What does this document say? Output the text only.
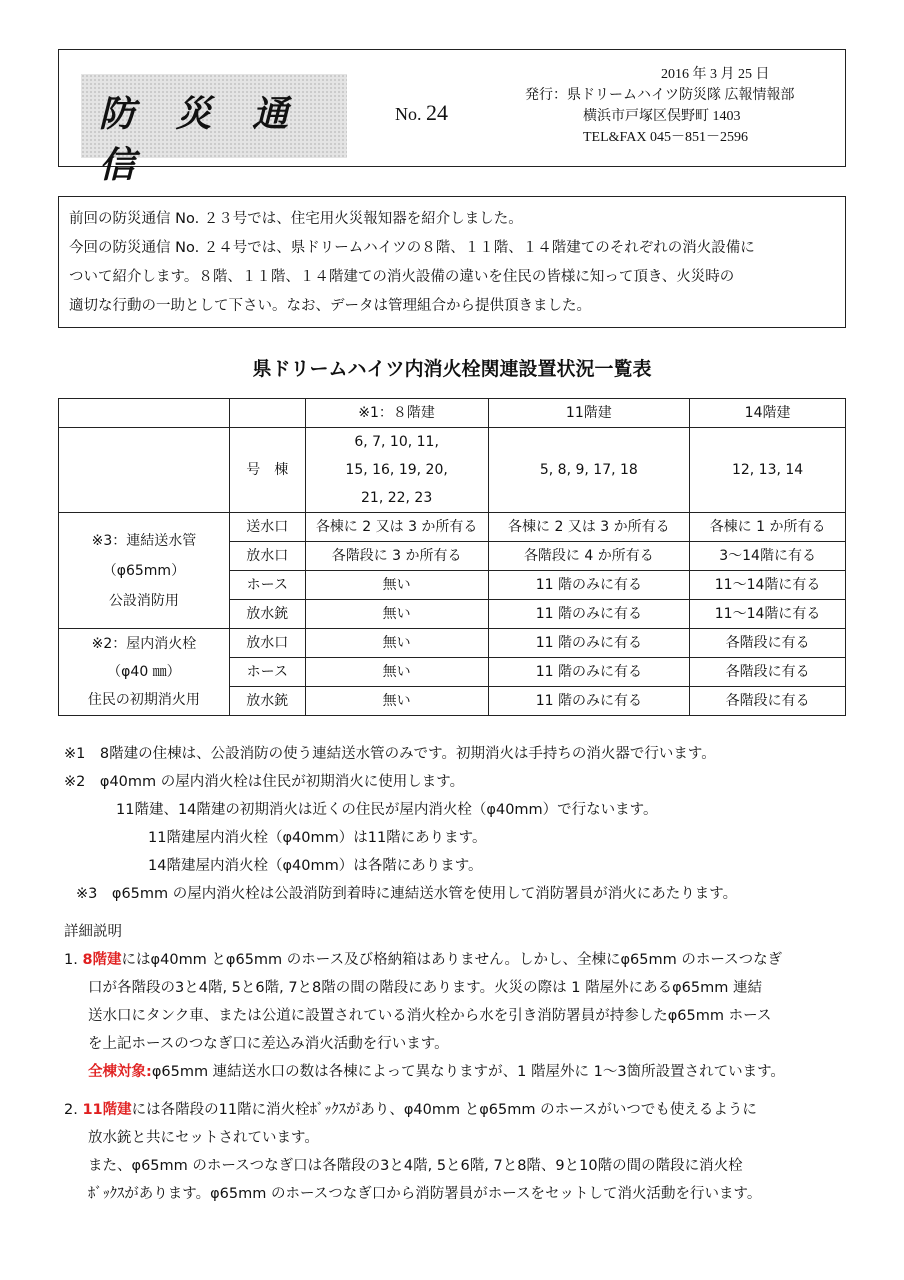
防 災 通 信
No. 24
2016 年 3 月 25 日
発行：県ドリームハイツ防災隊 広報情報部
横浜市戸塚区俣野町 1403
TEL&FAX 045－851－2596
前回の防災通信 No. ２３号では、住宅用火災報知器を紹介しました。
今回の防災通信 No. ２４号では、県ドリームハイツの８階、１１階、１４階建てのそれぞれの消火設備に
ついて紹介します。８階、１１階、１４階建ての消火設備の違いを住民の皆様に知って頂き、火災時の
適切な行動の一助として下さい。なお、データは管理組合から提供頂きました。
県ドリームハイツ内消火栓関連設置状況一覧表
		※1：８階建	11階建	14階建
	号　棟	6, 7, 10, 11,
15, 16, 19, 20,
21, 22, 23	5, 8, 9, 17, 18	12, 13, 14

※3：連結送水管
（φ65mm）
公設消防用	送水口	各棟に 2 又は 3 か所有る	各棟に 2 又は 3 か所有る	各棟に 1 か所有る
	放水口	各階段に 3 か所有る	各階段に 4 か所有る	3～14階に有る
	ホース	無い	11 階のみに有る	11～14階に有る
	放水銃	無い	11 階のみに有る	11～14階に有る

※2：屋内消火栓
（φ40 ㎜）
住民の初期消火用	放水口	無い	11 階のみに有る	各階段に有る
	ホース	無い	11 階のみに有る	各階段に有る
	放水銃	無い	11 階のみに有る	各階段に有る
※1　8階建の住棟は、公設消防の使う連結送水管のみです。初期消火は手持ちの消火器で行います。
※2　φ40mm の屋内消火栓は住民が初期消火に使用します。
11階建、14階建の初期消火は近くの住民が屋内消火栓（φ40mm）で行ないます。
11階建屋内消火栓（φ40mm）は11階にあります。
14階建屋内消火栓（φ40mm）は各階にあります。
※3　φ65mm の屋内消火栓は公設消防到着時に連結送水管を使用して消防署員が消火にあたります。
詳細説明
1. 8階建にはφ40mm とφ65mm のホース及び格納箱はありません。しかし、全棟にφ65mm のホースつなぎ
口が各階段の3と4階, 5と6階, 7と8階の間の階段にあります。火災の際は 1 階屋外にあるφ65mm 連結
送水口にタンク車、または公道に設置されている消火栓から水を引き消防署員が持参したφ65mm ホース
を上記ホースのつなぎ口に差込み消火活動を行います。
全棟対象:φ65mm 連結送水口の数は各棟によって異なりますが、1 階屋外に 1～3箇所設置されています。
2. 11階建には各階段の11階に消火栓ﾎﾞｯｸｽがあり、φ40mm とφ65mm のホースがいつでも使えるように
放水銃と共にセットされています。
また、φ65mm のホースつなぎ口は各階段の3と4階, 5と6階, 7と8階、9と10階の間の階段に消火栓
ﾎﾞｯｸｽがあります。φ65mm のホースつなぎ口から消防署員がホースをセットして消火活動を行います。
